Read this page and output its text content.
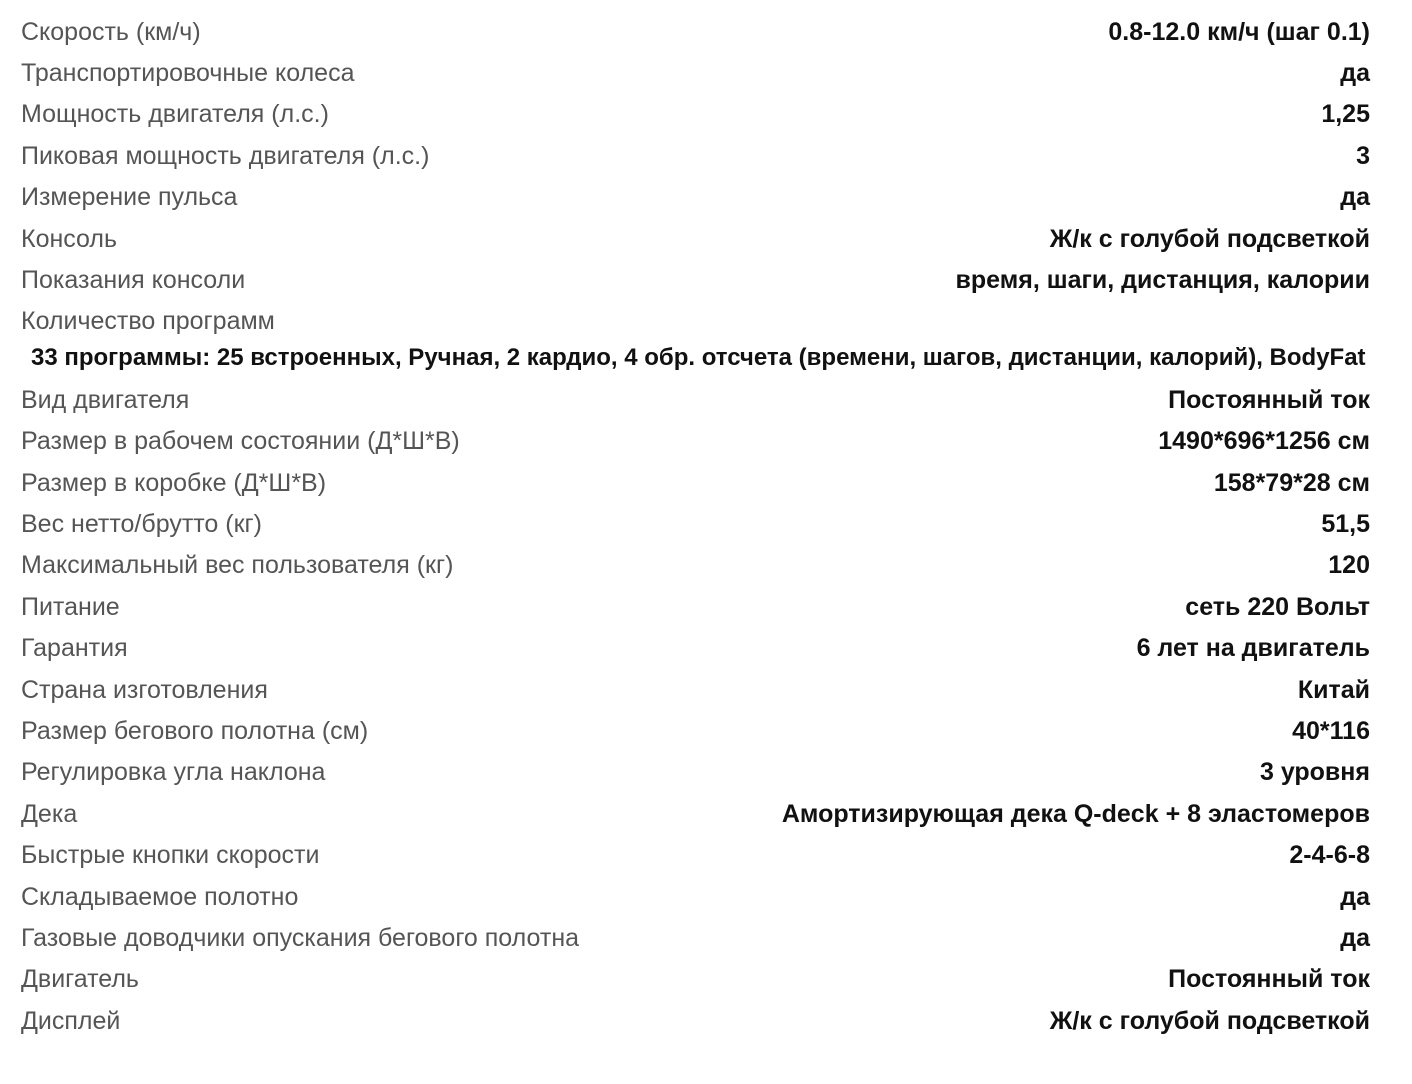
Скорость (км/ч)	0.8-12.0 км/ч (шаг 0.1)
Транспортировочные колеса	да
Мощность двигателя (л.с.)	1,25
Пиковая мощность двигателя (л.с.)	3
Измерение пульса	да
Консоль	Ж/к с голубой подсветкой
Показания консоли	время, шаги, дистанция, калории
Количество программ
33 программы: 25 встроенных, Ручная, 2 кардио, 4 обр. отсчета (времени, шагов, дистанции, калорий), BodyFat
Вид двигателя	Постоянный ток
Размер в рабочем состоянии (Д*Ш*В)	1490*696*1256 см
Размер в коробке (Д*Ш*В)	158*79*28 см
Вес нетто/брутто (кг)	51,5
Максимальный вес пользователя (кг)	120
Питание	сеть 220 Вольт
Гарантия	6 лет на двигатель
Страна изготовления	Китай
Размер бегового полотна (см)	40*116
Регулировка угла наклона	3 уровня
Дека	Амортизирующая дека Q-deck + 8 эластомеров
Быстрые кнопки скорости	2-4-6-8
Складываемое полотно	да
Газовые доводчики опускания бегового полотна	да
Двигатель	Постоянный ток
Дисплей	Ж/к с голубой подсветкой
